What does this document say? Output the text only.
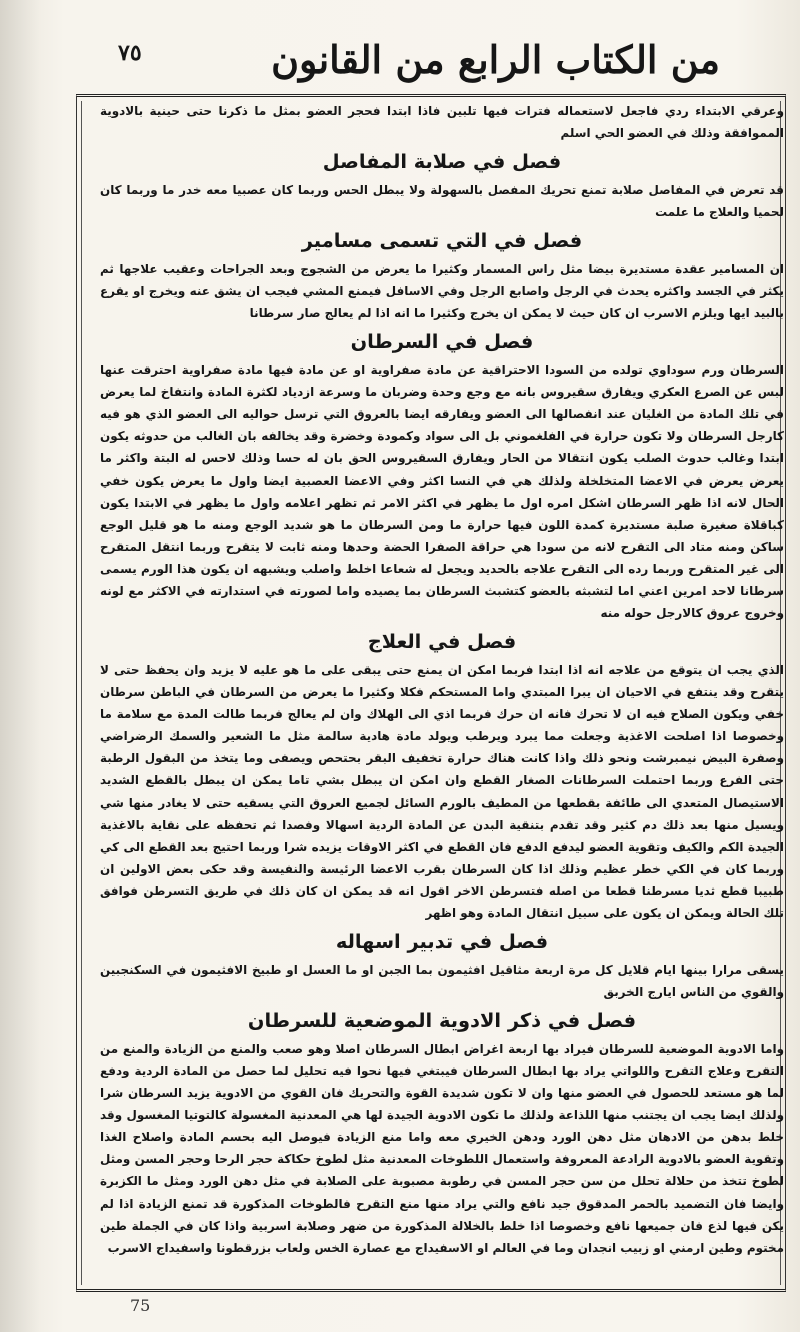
من الكتاب الرابع من القانون
٧٥

وعرقي الابتداء ردي فاجعل لاستعماله فترات فيها تلبين فاذا ابتدا فحجر العضو بمثل ما ذكرنا حتى حينية بالادوية المموافقة وذلك في العضو الحي اسلم

فصل في صلابة المفاصل

قد تعرض في المفاصل صلابة تمنع تحريك المفصل بالسهولة ولا يبطل الحس وربما كان عصبيا معه خدر ما وربما كان لحميا والعلاج ما علمت

فصل في التي تسمى مسامير

ان المسامير عقدة مستديرة بيضا مثل راس المسمار وكثيرا ما يعرض من الشجوج وبعد الجراحات وعقيب علاجها ثم يكثر في الجسد واكثره يحدث في الرجل واصابع الرجل وفي الاسافل فيمنع المشي فيجب ان يشق عنه ويخرج او يقرع بالبيد ايها ويلزم الاسرب ان كان حيث لا يمكن ان يخرج وكثيرا ما انه اذا لم يعالج صار سرطانا

فصل في السرطان

السرطان ورم سوداوي تولده من السودا الاحتراقية عن مادة صفراوية او عن مادة فيها مادة صفراوية احترقت عنها لبس عن الصرع العكري ويفارق سقيروس بانه مع وجع وحدة وضربان ما وسرعة ازدياد لكثرة المادة وانتفاخ لما يعرض في تلك المادة من الغليان عند انفصالها الى العضو ويفارقه ايضا بالعروق التي ترسل حواليه الى العضو الذي هو فيه كارجل السرطان ولا تكون حرارة في الفلغموني بل الى سواد وكمودة وخضرة وقد يخالفه بان الغالب من حدوثه يكون ابتدا وغالب حدوث الصلب يكون انتقالا من الحار ويفارق السقيروس الحق بان له حسا وذلك لاحس له البتة واكثر ما يعرض يعرض في الاعضا المتخلخلة ولذلك هي في النسا اكثر وفي الاعضا العصبية ايضا واول ما يعرض يكون خفي الحال لانه اذا ظهر السرطان اشكل امره اول ما يظهر في اكثر الامر ثم تظهر اعلامه واول ما يظهر في الابتدا يكون كباقلاة صغيرة صلبة مستديرة كمدة اللون فيها حرارة ما ومن السرطان ما هو شديد الوجع ومنه ما هو قليل الوجع ساكن ومنه متاد الى التقرح لانه من سودا هي حراقة الصفرا الحضة وحدها ومنه ثابت لا يتقرح وربما انتقل المتقرح الى غير المتقرح وربما رده الى التقرح علاجه بالحديد ويجعل له شعاعا اخلط واصلب ويشبهه ان يكون هذا الورم يسمى سرطانا لاحد امرين اعني اما لتشبثه بالعضو كتشبث السرطان بما يصيده واما لصورته في استدارته في الاكثر مع لونه وخروج عروق كالارجل حوله منه

فصل في العلاج

الذي يجب ان يتوقع من علاجه انه اذا ابتدا فربما امكن ان يمنع حتى يبقى على ما هو عليه لا يزيد وان يحفظ حتى لا يتقرح وقد ينتفع في الاحيان ان يبرا المبتدي واما المستحكم فكلا وكثيرا ما يعرض من السرطان في الباطن سرطان خفي ويكون الصلاح فيه ان لا تحرك فانه ان حرك فربما اذي الى الهلاك وان لم يعالج فربما طالت المدة مع سلامة ما وخصوصا اذا اصلحت الاغذية وجعلت مما يبرد ويرطب ويولد مادة هادية سالمة مثل ما الشعير والسمك الرضراضي وصفرة البيض نيمبرشت ونحو ذلك واذا كانت هناك حرارة تخفيف البقر بحتحص ويصفى وما يتخذ من البقول الرطبة حتى الفرع وربما احتملت السرطانات الصغار القطع وان امكن ان يبطل بشي تاما يمكن ان يبطل بالقطع الشديد الاستيصال المتعدي الى طائفة بقطعها من المطيف بالورم السائل لجميع العروق التي يسقيه حتى لا يغادر منها شي ويسيل منها بعد ذلك دم كثير وقد تقدم بتنقية البدن عن المادة الردية اسهالا وفصدا ثم تحفظه على نقاية بالاغذية الجيدة الكم والكيف وتقوية العضو ليدفع الدفع فان القطع في اكثر الاوقات يزيده شرا وربما احتيج بعد القطع الى كي وربما كان في الكي خطر عظيم وذلك اذا كان السرطان بقرب الاعضا الرئيسة والنفيسة وقد حكى بعض الاولين ان طبيبا قطع ثديا مسرطنا قطعا من اصله فتسرطن الاخر اقول انه قد يمكن ان كان ذلك في طريق التسرطن فوافق تلك الحالة ويمكن ان يكون على سبيل انتقال المادة وهو اظهر

فصل في تدبير اسهاله

يسقى مرارا بينها ايام قلايل كل مرة اربعة مثاقيل افثيمون بما الجبن او ما العسل او طبيخ الافثيمون في السكنجبين والقوي من الناس ايارج الخربق

فصل في ذكر الادوية الموضعية للسرطان

واما الادوية الموضعية للسرطان فيراد بها اربعة اغراض ابطال السرطان اصلا وهو صعب والمنع من الزيادة والمنع من التقرح وعلاج التقرح واللواتي يراد بها ابطال السرطان فيبتغي فيها نحوا فيه تحليل لما حصل من المادة الردية ودفع لما هو مستعد للحصول في العضو منها وان لا تكون شديدة القوة والتحريك فان القوي من الادوية يزيد السرطان شرا ولذلك ايضا يجب ان يجتنب منها اللذاعة ولذلك ما تكون الادوية الجيدة لها هي المعدنية المغسولة كالتوتيا المغسول وقد خلط بدهن من الادهان مثل دهن الورد ودهن الخيري معه واما منع الزيادة فيوصل اليه بحسم المادة واصلاح الغذا وتقوية العضو بالادوية الرادعة المعروفة واستعمال اللطوخات المعدنية مثل لطوخ حكاكة حجر الرحا وحجر المسن ومثل لطوخ تتخذ من حلالة تحلل من سن حجر المسن في رطوبة مصبوبة على الصلابة في مثل دهن الورد ومثل ما الكزبرة وايضا فان التضميد بالحمر المدقوق جيد نافع والتي يراد منها منع التقرح فالطوخات المذكورة قد تمنع الزيادة اذا لم يكن فيها لذع فان جميعها نافع وخصوصا اذا خلط بالخلالة المذكورة من ضهر وصلابة اسربية واذا كان في الجملة طين مختوم وطين ارمني او زبيب انجدان وما في العالم او الاسفيداج مع عصارة الخس ولعاب بزرقطونا واسفيداج الاسرب

75
